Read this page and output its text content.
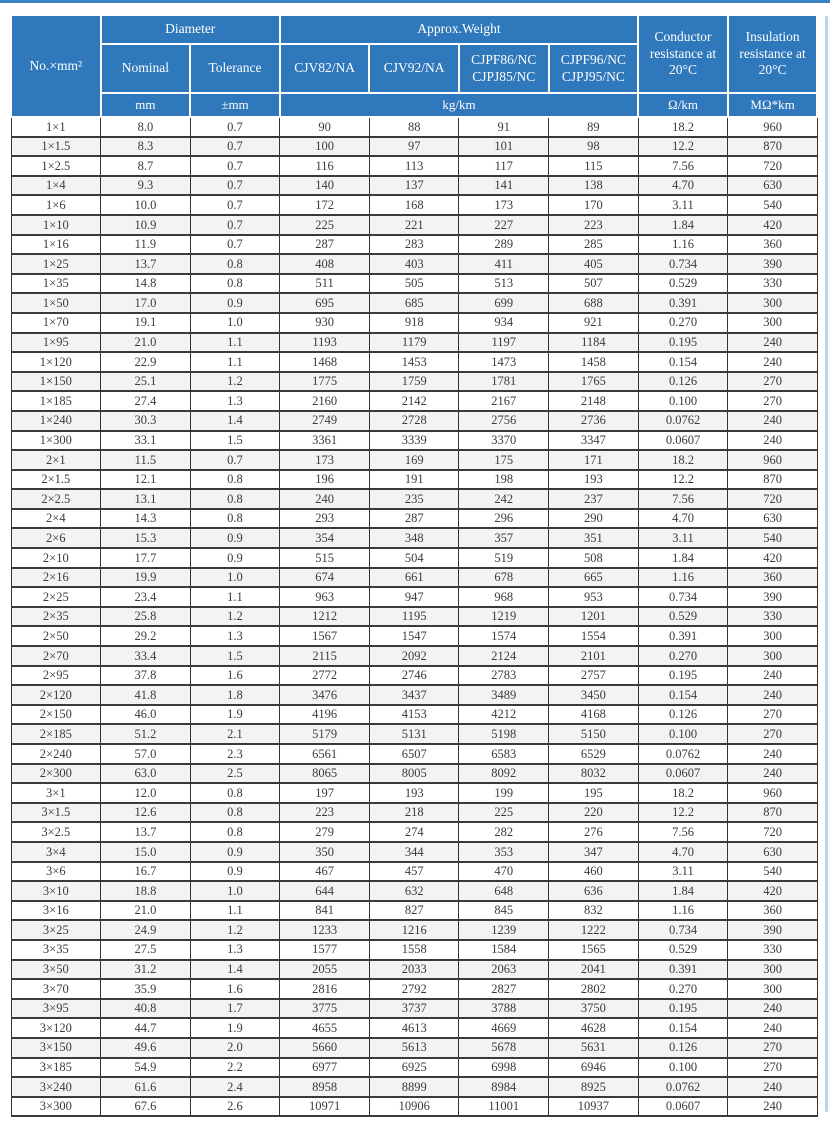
No.×mm²	Diameter		Approx.Weight				Conductor resistance at 20°C	Insulation resistance at 20°C
	Nominal	Tolerance	CJV82/NA	CJV92/NA	CJPF86/NC CJPJ85/NC	CJPF96/NC CJPJ95/NC		
	mm	±mm	kg/km				Ω/km	MΩ*km
1×1	8.0	0.7	90	88	91	89	18.2	960
1×1.5	8.3	0.7	100	97	101	98	12.2	870
1×2.5	8.7	0.7	116	113	117	115	7.56	720
1×4	9.3	0.7	140	137	141	138	4.70	630
1×6	10.0	0.7	172	168	173	170	3.11	540
1×10	10.9	0.7	225	221	227	223	1.84	420
1×16	11.9	0.7	287	283	289	285	1.16	360
1×25	13.7	0.8	408	403	411	405	0.734	390
1×35	14.8	0.8	511	505	513	507	0.529	330
1×50	17.0	0.9	695	685	699	688	0.391	300
1×70	19.1	1.0	930	918	934	921	0.270	300
1×95	21.0	1.1	1193	1179	1197	1184	0.195	240
1×120	22.9	1.1	1468	1453	1473	1458	0.154	240
1×150	25.1	1.2	1775	1759	1781	1765	0.126	270
1×185	27.4	1.3	2160	2142	2167	2148	0.100	270
1×240	30.3	1.4	2749	2728	2756	2736	0.0762	240
1×300	33.1	1.5	3361	3339	3370	3347	0.0607	240
2×1	11.5	0.7	173	169	175	171	18.2	960
2×1.5	12.1	0.8	196	191	198	193	12.2	870
2×2.5	13.1	0.8	240	235	242	237	7.56	720
2×4	14.3	0.8	293	287	296	290	4.70	630
2×6	15.3	0.9	354	348	357	351	3.11	540
2×10	17.7	0.9	515	504	519	508	1.84	420
2×16	19.9	1.0	674	661	678	665	1.16	360
2×25	23.4	1.1	963	947	968	953	0.734	390
2×35	25.8	1.2	1212	1195	1219	1201	0.529	330
2×50	29.2	1.3	1567	1547	1574	1554	0.391	300
2×70	33.4	1.5	2115	2092	2124	2101	0.270	300
2×95	37.8	1.6	2772	2746	2783	2757	0.195	240
2×120	41.8	1.8	3476	3437	3489	3450	0.154	240
2×150	46.0	1.9	4196	4153	4212	4168	0.126	270
2×185	51.2	2.1	5179	5131	5198	5150	0.100	270
2×240	57.0	2.3	6561	6507	6583	6529	0.0762	240
2×300	63.0	2.5	8065	8005	8092	8032	0.0607	240
3×1	12.0	0.8	197	193	199	195	18.2	960
3×1.5	12.6	0.8	223	218	225	220	12.2	870
3×2.5	13.7	0.8	279	274	282	276	7.56	720
3×4	15.0	0.9	350	344	353	347	4.70	630
3×6	16.7	0.9	467	457	470	460	3.11	540
3×10	18.8	1.0	644	632	648	636	1.84	420
3×16	21.0	1.1	841	827	845	832	1.16	360
3×25	24.9	1.2	1233	1216	1239	1222	0.734	390
3×35	27.5	1.3	1577	1558	1584	1565	0.529	330
3×50	31.2	1.4	2055	2033	2063	2041	0.391	300
3×70	35.9	1.6	2816	2792	2827	2802	0.270	300
3×95	40.8	1.7	3775	3737	3788	3750	0.195	240
3×120	44.7	1.9	4655	4613	4669	4628	0.154	240
3×150	49.6	2.0	5660	5613	5678	5631	0.126	270
3×185	54.9	2.2	6977	6925	6998	6946	0.100	270
3×240	61.6	2.4	8958	8899	8984	8925	0.0762	240
3×300	67.6	2.6	10971	10906	11001	10937	0.0607	240
